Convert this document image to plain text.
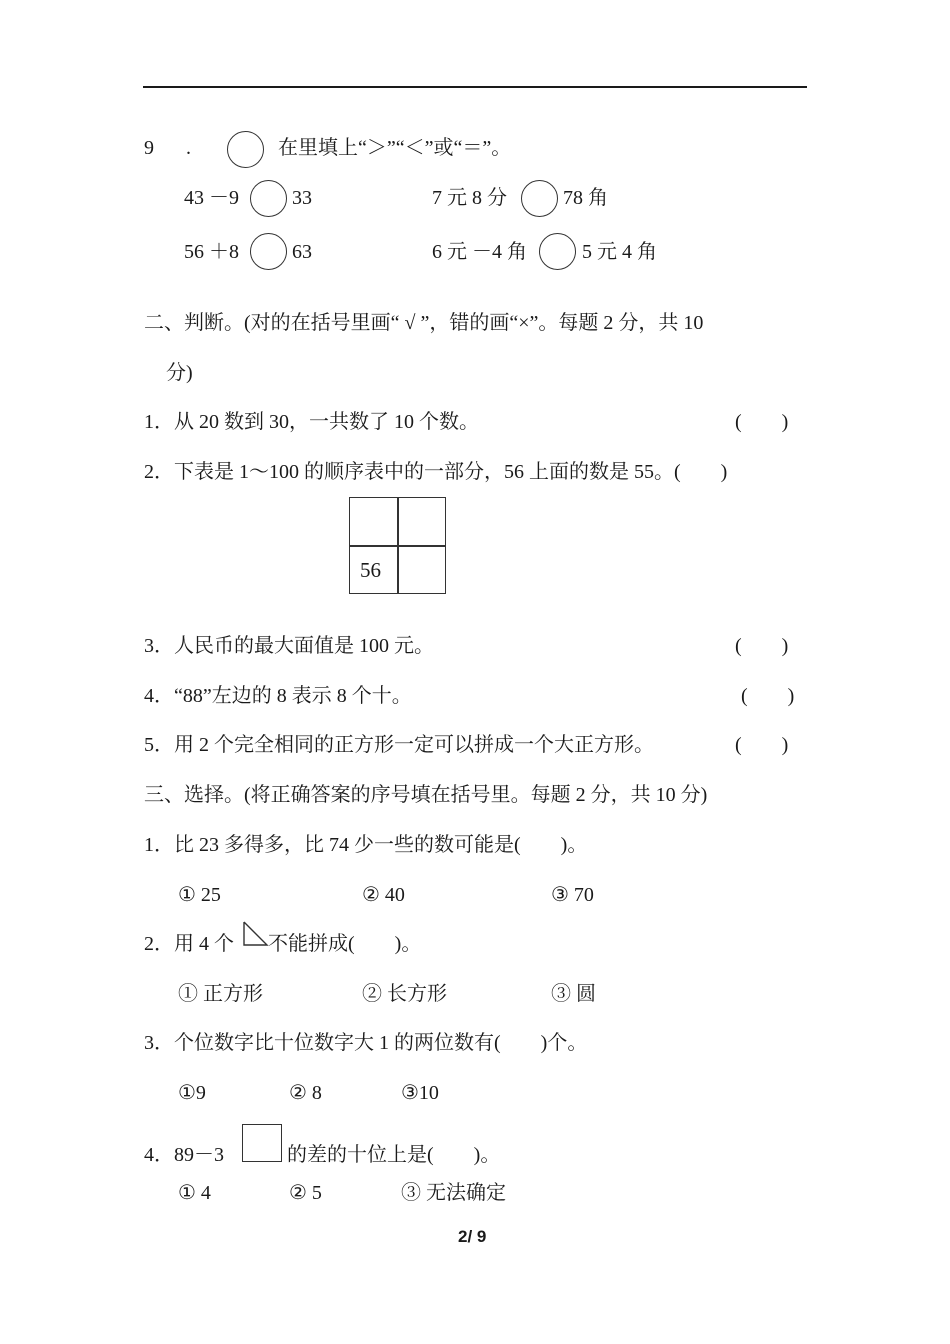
9 .	在里填上“＞”“＜”或“＝”。
43 －9	33	7 元 8 分	78 角
56 ＋8	63	6 元 －4 角	5 元 4 角
二、判断。(对的在括号里画“ √ ”，错的画“×”。每题 2 分，共 10
分)
1．从 20 数到 30，一共数了 10 个数。	(　　)
2．下表是 1～100 的顺序表中的一部分，56 上面的数是 55。(　　)
56
3．人民币的最大面值是 100 元。	(　　)
4．“88”左边的 8 表示 8 个十。	(　　)
5．用 2 个完全相同的正方形一定可以拼成一个大正方形。	(　　)
三、选择。(将正确答案的序号填在括号里。每题 2 分，共 10 分)
1．比 23 多得多，比 74 少一些的数可能是(　　)。
① 25	② 40	③ 70
2．用 4 个 不能拼成(　　)。
① 正方形	② 长方形	③ 圆
3．个位数字比十位数字大 1 的两位数有(　　)个。
①9	② 8	③10
4．89－3	的差的十位上是(　　)。
① 4	② 5	③ 无法确定
2/ 9
